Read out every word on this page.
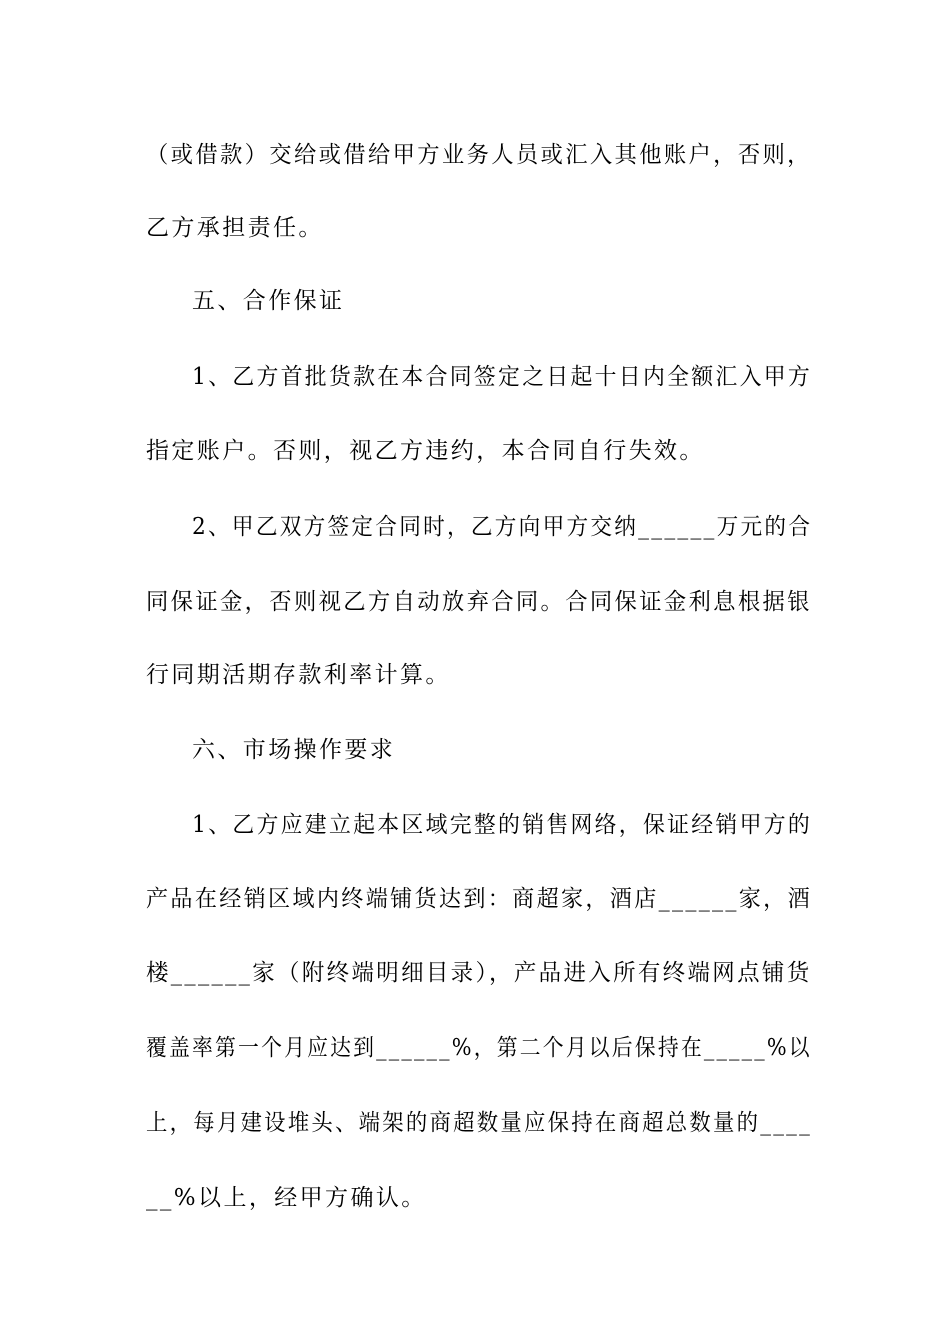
（或借款）交给或借给甲方业务人员或汇入其他账户，否则，
乙方承担责任。
五、合作保证
1、乙方首批货款在本合同签定之日起十日内全额汇入甲方
指定账户。否则，视乙方违约，本合同自行失效。
2、甲乙双方签定合同时，乙方向甲方交纳______万元的合
同保证金，否则视乙方自动放弃合同。合同保证金利息根据银
行同期活期存款利率计算。
六、市场操作要求
1、乙方应建立起本区域完整的销售网络，保证经销甲方的
产品在经销区域内终端铺货达到：商超家，酒店______家，酒
楼______家（附终端明细目录），产品进入所有终端网点铺货
覆盖率第一个月应达到______%，第二个月以后保持在_____%以
上，每月建设堆头、端架的商超数量应保持在商超总数量的____
__%以上，经甲方确认。
